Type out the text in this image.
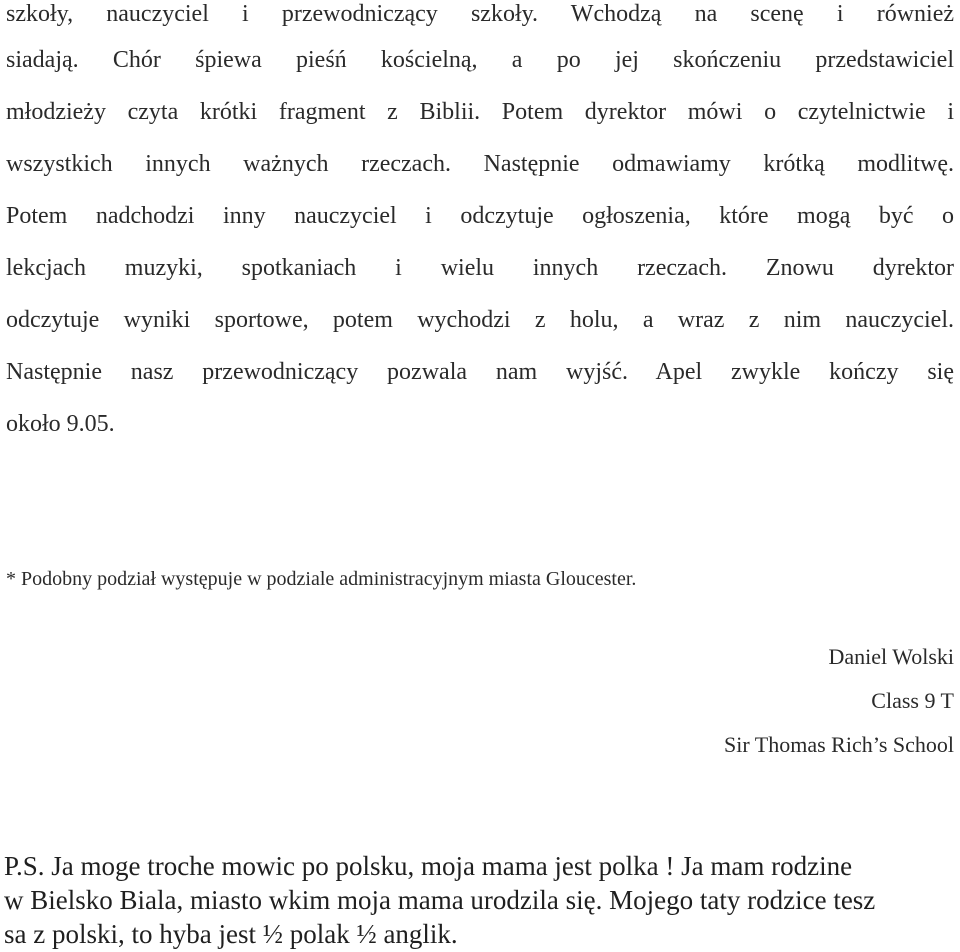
szkoły, nauczyciel i przewodniczący szkoły. Wchodzą na scenę i również
siadają. Chór śpiewa pieśń kościelną, a po jej skończeniu przedstawiciel
młodzieży czyta krótki fragment z Biblii. Potem dyrektor mówi o czytelnictwie i
wszystkich innych ważnych rzeczach. Następnie odmawiamy krótką modlitwę.
Potem nadchodzi inny nauczyciel i odczytuje ogłoszenia, które mogą być o
lekcjach muzyki, spotkaniach i wielu innych rzeczach. Znowu dyrektor
odczytuje wyniki sportowe, potem wychodzi z holu, a wraz z nim nauczyciel.
Następnie nasz przewodniczący pozwala nam wyjść. Apel zwykle kończy się
około 9.05.
* Podobny podział występuje w podziale administracyjnym miasta Gloucester.
Daniel Wolski
Class 9 T
Sir Thomas Rich’s School
P.S. Ja moge troche mowic po polsku, moja mama jest polka ! Ja mam rodzine
w Bielsko Biala, miasto wkim moja mama urodzila się. Mojego taty rodzice tesz
sa z polski, to hyba jest ½ polak ½ anglik.
